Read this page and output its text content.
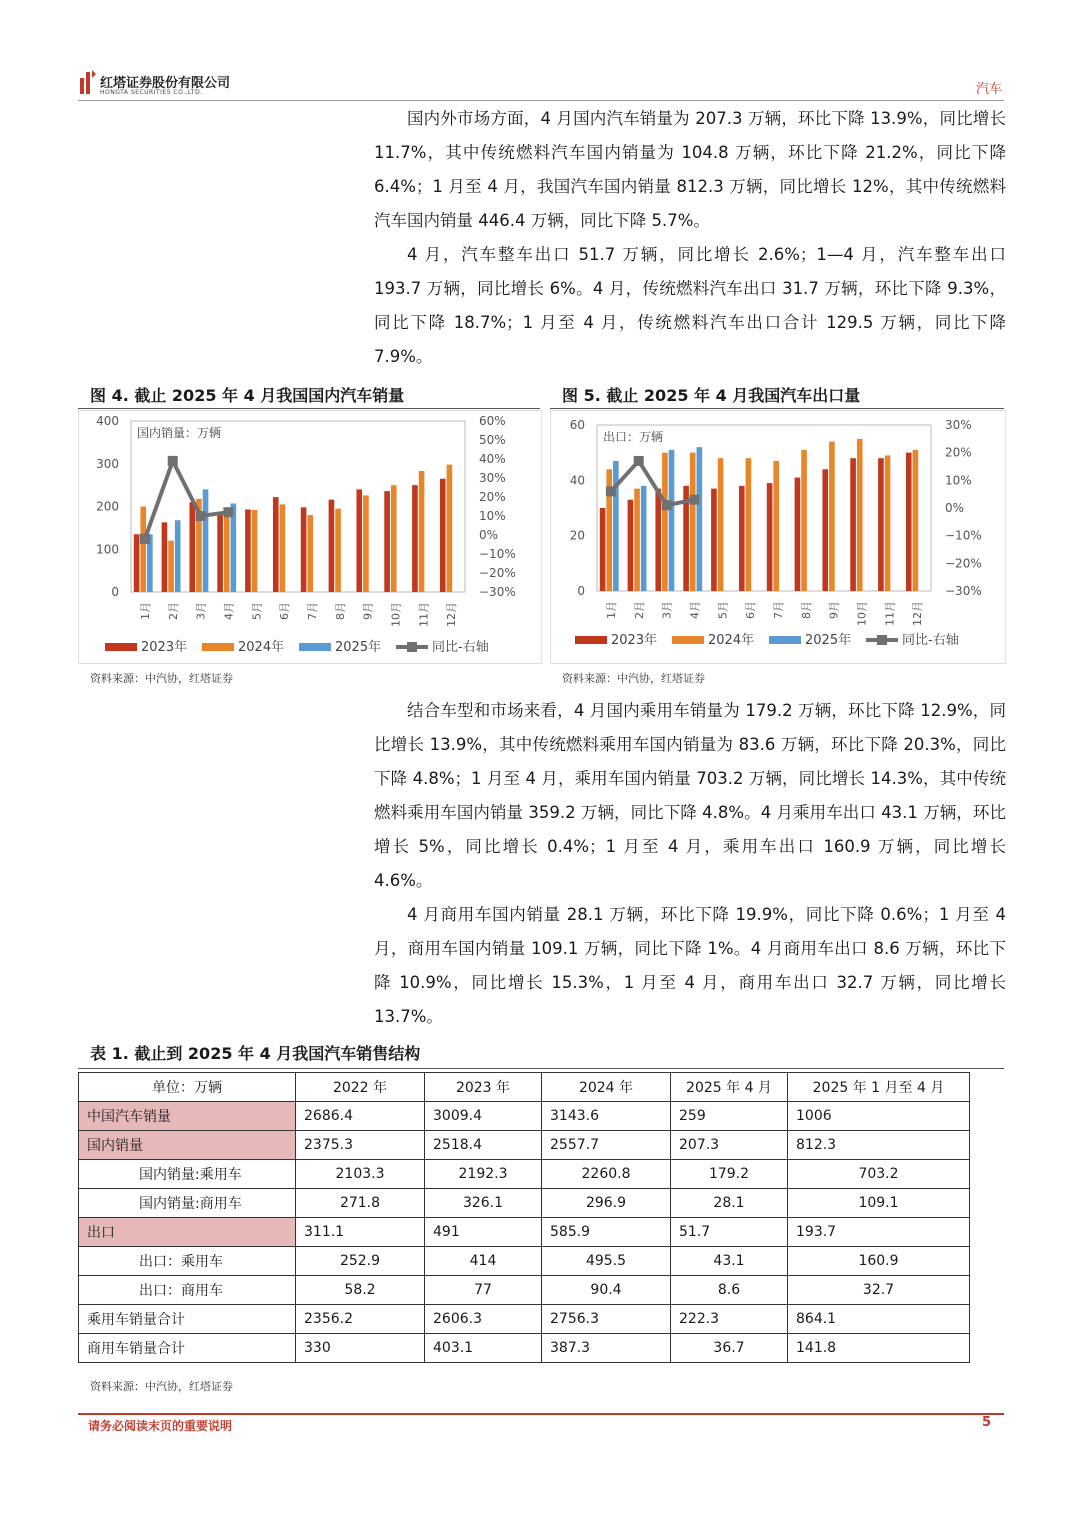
红塔证券股份有限公司
HONGTA SECURITIES CO.,LTD.	汽车

国内外市场方面，4 月国内汽车销量为 207.3 万辆，环比下降 13.9%，同比增长 11.7%，其中传统燃料汽车国内销量为 104.8 万辆，环比下降 21.2%，同比下降 6.4%；1 月至 4 月，我国汽车国内销量 812.3 万辆，同比增长 12%，其中传统燃料汽车国内销量 446.4 万辆，同比下降 5.7%。

4 月，汽车整车出口 51.7 万辆，同比增长 2.6%；1—4 月，汽车整车出口 193.7 万辆，同比增长 6%。4 月，传统燃料汽车出口 31.7 万辆，环比下降 9.3%，同比下降 18.7%；1 月至 4 月，传统燃料汽车出口合计 129.5 万辆，同比下降 7.9%。

图 4. 截止 2025 年 4 月我国国内汽车销量
0
100
200
300
400	60%
50%
40%
30%
20%
10%
0%
−10%
−20%
−30%
国内销量：万辆
1月 2月 3月 4月 5月 6月 7月 8月 9月 10月 11月 12月
2023年	2024年	2025年	同比-右轴
资料来源：中汽协，红塔证券
图 5. 截止 2025 年 4 月我国汽车出口量
0
20
40
60	30%
20%
10%
0%
−10%
−20%
−30%
出口：万辆
1月 2月 3月 4月 5月 6月 7月 8月 9月 10月 11月 12月
2023年	2024年	2025年	同比-右轴
资料来源：中汽协，红塔证券

结合车型和市场来看，4 月国内乘用车销量为 179.2 万辆，环比下降 12.9%，同比增长 13.9%，其中传统燃料乘用车国内销量为 83.6 万辆，环比下降 20.3%，同比下降 4.8%；1 月至 4 月，乘用车国内销量 703.2 万辆，同比增长 14.3%，其中传统燃料乘用车国内销量 359.2 万辆，同比下降 4.8%。4 月乘用车出口 43.1 万辆，环比增长 5%，同比增长 0.4%；1 月至 4 月，乘用车出口 160.9 万辆，同比增长 4.6%。

4 月商用车国内销量 28.1 万辆，环比下降 19.9%，同比下降 0.6%；1 月至 4 月，商用车国内销量 109.1 万辆，同比下降 1%。4 月商用车出口 8.6 万辆，环比下降 10.9%，同比增长 15.3%，1 月至 4 月，商用车出口 32.7 万辆，同比增长 13.7%。

表 1. 截止到 2025 年 4 月我国汽车销售结构
单位：万辆	2022 年	2023 年	2024 年	2025 年 4 月	2025 年 1 月至 4 月
中国汽车销量	2686.4	3009.4	3143.6	259	1006
国内销量	2375.3	2518.4	2557.7	207.3	812.3
国内销量:乘用车	2103.3	2192.3	2260.8	179.2	703.2
国内销量:商用车	271.8	326.1	296.9	28.1	109.1
出口	311.1	491	585.9	51.7	193.7
出口：乘用车	252.9	414	495.5	43.1	160.9
出口：商用车	58.2	77	90.4	8.6	32.7
乘用车销量合计	2356.2	2606.3	2756.3	222.3	864.1
商用车销量合计	330	403.1	387.3	36.7	141.8
资料来源：中汽协，红塔证券
请务必阅读末页的重要说明	5
